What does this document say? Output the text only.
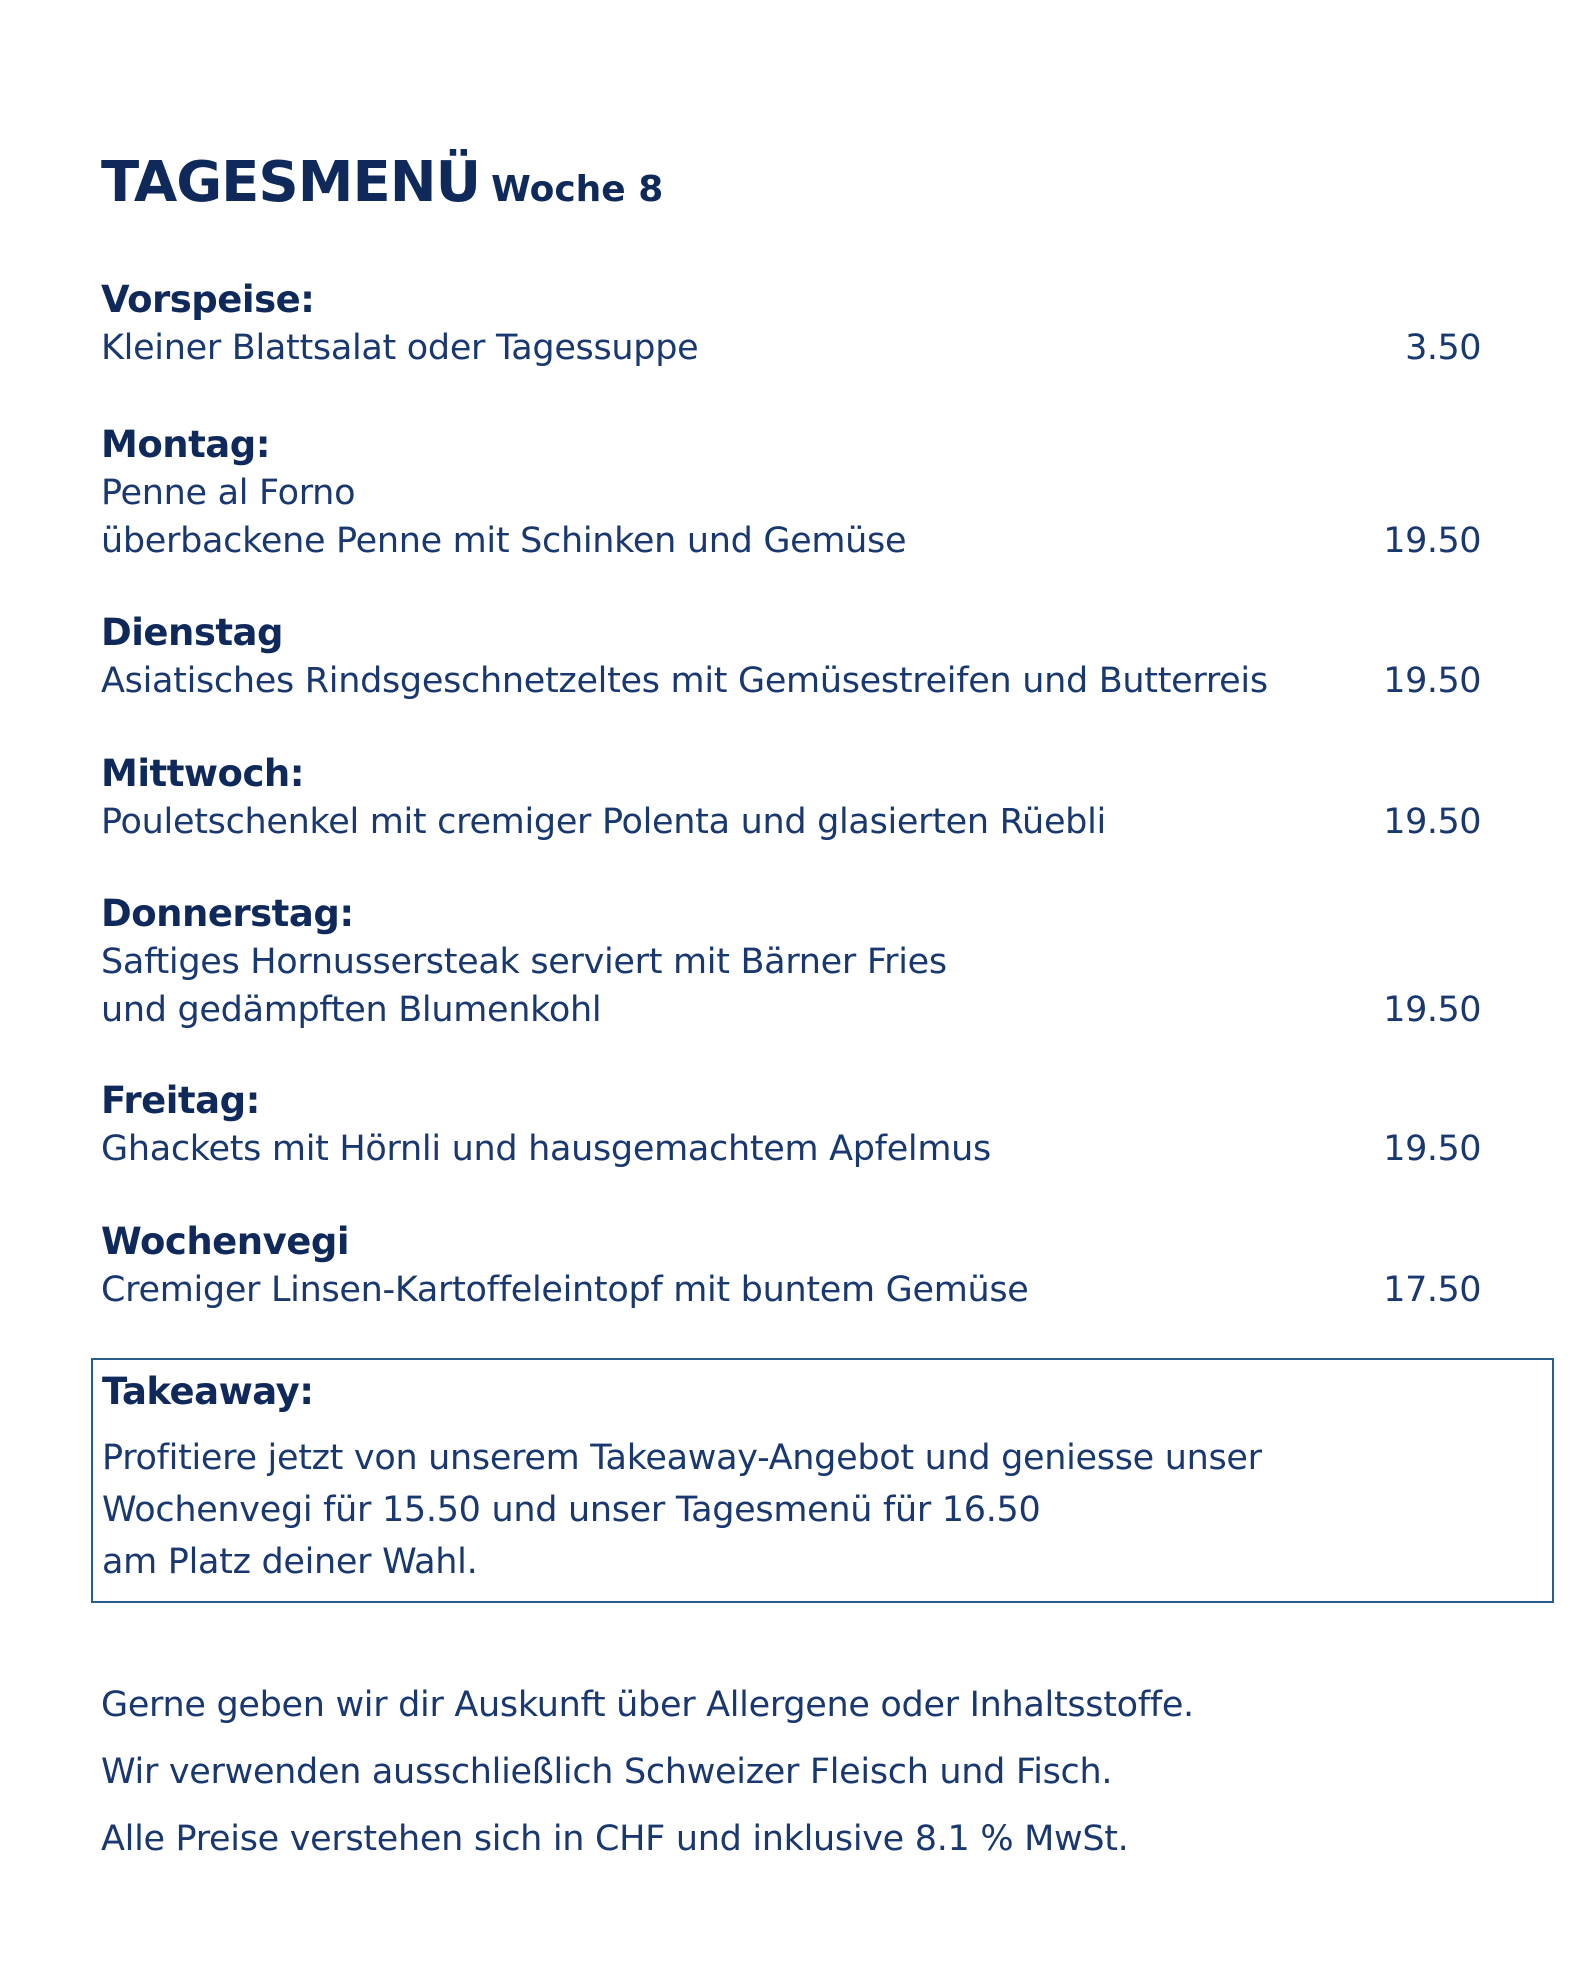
TAGESMENÜ Woche 8
Vorspeise:
Kleiner Blattsalat oder Tagessuppe	3.50
Montag:
Penne al Forno
überbackene Penne mit Schinken und Gemüse	19.50
Dienstag
Asiatisches Rindsgeschnetzeltes mit Gemüsestreifen und Butterreis	19.50
Mittwoch:
Pouletschenkel mit cremiger Polenta und glasierten Rüebli	19.50
Donnerstag:
Saftiges Hornussersteak serviert mit Bärner Fries
und gedämpften Blumenkohl	19.50
Freitag:
Ghackets mit Hörnli und hausgemachtem Apfelmus	19.50
Wochenvegi
Cremiger Linsen-Kartoffeleintopf mit buntem Gemüse	17.50
Takeaway:
Profitiere jetzt von unserem Takeaway-Angebot und geniesse unser
Wochenvegi für 15.50 und unser Tagesmenü für 16.50
am Platz deiner Wahl.
Gerne geben wir dir Auskunft über Allergene oder Inhaltsstoffe.
Wir verwenden ausschließlich Schweizer Fleisch und Fisch.
Alle Preise verstehen sich in CHF und inklusive 8.1 % MwSt.
